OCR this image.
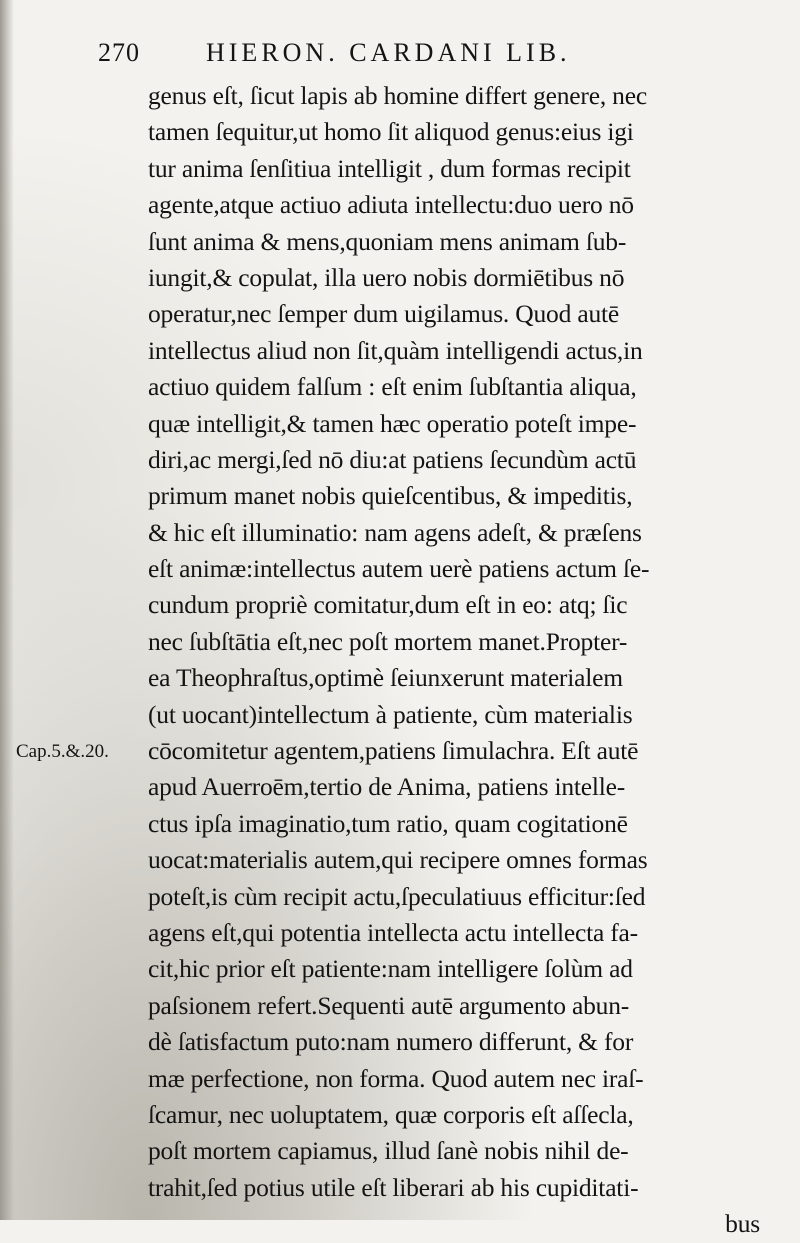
270	HIERON. CARDANI LIB.
Cap.5.&.20.
genus eſt, ſicut lapis ab homine differt genere, nec
tamen ſequitur,ut homo ſit aliquod genus:eius igi
tur anima ſenſitiua intelligit , dum formas recipit
agente,atque actiuo adiuta intellectu:duo uero nō
ſunt anima & mens,quoniam mens animam ſub-
iungit,& copulat, illa uero nobis dormiētibus nō
operatur,nec ſemper dum uigilamus. Quod autē
intellectus aliud non ſit,quàm intelligendi actus,in
actiuo quidem falſum : eſt enim ſubſtantia aliqua,
quæ intelligit,& tamen hæc operatio poteſt impe-
diri,ac mergi,ſed nō diu:at patiens ſecundùm actū
primum manet nobis quieſcentibus, & impeditis,
& hic eſt illuminatio: nam agens adeſt, & præſens
eſt animæ:intellectus autem uerè patiens actum ſe-
cundum propriè comitatur,dum eſt in eo: atq; ſic
nec ſubſtātia eſt,nec poſt mortem manet.Propter-
ea Theophraſtus,optimè ſeiunxerunt materialem
(ut uocant)intellectum à patiente, cùm materialis
cōcomitetur agentem,patiens ſimulachra. Eſt autē
apud Auerroēm,tertio de Anima, patiens intelle-
ctus ipſa imaginatio,tum ratio, quam cogitationē
uocat:materialis autem,qui recipere omnes formas
poteſt,is cùm recipit actu,ſpeculatiuus efficitur:ſed
agens eſt,qui potentia intellecta actu intellecta fa-
cit,hic prior eſt patiente:nam intelligere ſolùm ad
paſsionem refert.Sequenti autē argumento abun-
dè ſatisfactum puto:nam numero differunt, & for
mæ perfectione, non forma. Quod autem nec iraſ-
ſcamur, nec uoluptatem, quæ corporis eſt aſſecla,
poſt mortem capiamus, illud ſanè nobis nihil de-
trahit,ſed potius utile eſt liberari ab his cupiditati-
bus
